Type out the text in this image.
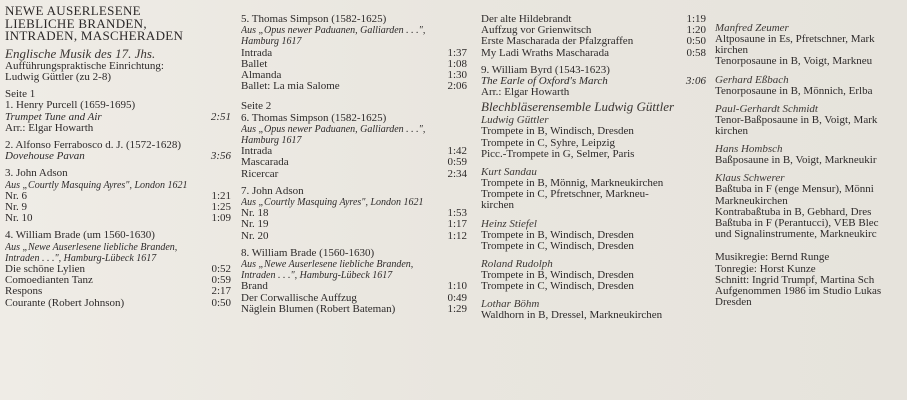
NEWE AUSERLESENE
LIEBLICHE BRANDEN,
INTRADEN, MASCHERADEN
Englische Musik des 17. Jhs.
Aufführungspraktische Einrichtung:
Ludwig Güttler (zu 2-8)
Seite 1
1. Henry Purcell (1659-1695)
Trumpet Tune and Air	2:51
Arr.: Elgar Howarth
2. Alfonso Ferrabosco d. J. (1572-1628)
Dovehouse Pavan	3:56
3. John Adson
Aus „Courtly Masquing Ayres", London 1621
Nr. 6	1:21
Nr. 9	1:25
Nr. 10	1:09
4. William Brade (um 1560-1630)
Aus „Newe Auserlesene liebliche Branden,
Intraden . . .", Hamburg-Lübeck 1617
Die schöne Lylien	0:52
Comoedianten Tanz	0:59
Respons	2:17
Courante (Robert Johnson)	0:50
5. Thomas Simpson (1582-1625)
Aus „Opus newer Paduanen, Galliarden . . .",
Hamburg 1617
Intrada	1:37
Ballet	1:08
Almanda	1:30
Ballet: La mia Salome	2:06
Seite 2
6. Thomas Simpson (1582-1625)
Aus „Opus newer Paduanen, Galliarden . . .",
Hamburg 1617
Intrada	1:42
Mascarada	0:59
Ricercar	2:34
7. John Adson
Aus „Courtly Masquing Ayres", London 1621
Nr. 18	1:53
Nr. 19	1:17
Nr. 20	1:12
8. William Brade (1560-1630)
Aus „Newe Auserlesene liebliche Branden,
Intraden . . .", Hamburg-Lübeck 1617
Brand	1:10
Der Corwallische Auffzug	0:49
Näglein Blumen (Robert Bateman)	1:29
Der alte Hildebrandt	1:19
Auffzug vor Grienwitsch	1:20
Erste Mascharada der Pfalzgraffen	0:50
My Ladi Wraths Mascharada	0:58
9. William Byrd (1543-1623)
The Earle of Oxford's March	3:06
Arr.: Elgar Howarth
Blechbläserensemble Ludwig Güttler
Ludwig Güttler
Trompete in B, Windisch, Dresden
Trompete in C, Syhre, Leipzig
Picc.-Trompete in G, Selmer, Paris
Kurt Sandau
Trompete in B, Mönnig, Markneukirchen
Trompete in C, Pfretschner, Markneu-
kirchen
Heinz Stiefel
Trompete in B, Windisch, Dresden
Trompete in C, Windisch, Dresden
Roland Rudolph
Trompete in B, Windisch, Dresden
Trompete in C, Windisch, Dresden
Lothar Böhm
Waldhorn in B, Dressel, Markneukirchen
Manfred Zeumer
Altposaune in Es, Pfretschner, Mark
kirchen
Tenorposaune in B, Voigt, Markneu
Gerhard Eßbach
Tenorposaune in B, Mönnich, Erlba
Paul-Gerhardt Schmidt
Tenor-Baßposaune in B, Voigt, Mark
kirchen
Hans Hombsch
Baßposaune in B, Voigt, Markneukir
Klaus Schwerer
Baßtuba in F (enge Mensur), Mönni
Markneukirchen
Kontrabaßtuba in B, Gebhard, Dres
Baßtuba in F (Perantucci), VEB Blec
und Signalinstrumente, Markneukirc
Musikregie: Bernd Runge
Tonregie: Horst Kunze
Schnitt: Ingrid Trumpf, Martina Sch
Aufgenommen 1986 im Studio Lukas
Dresden
